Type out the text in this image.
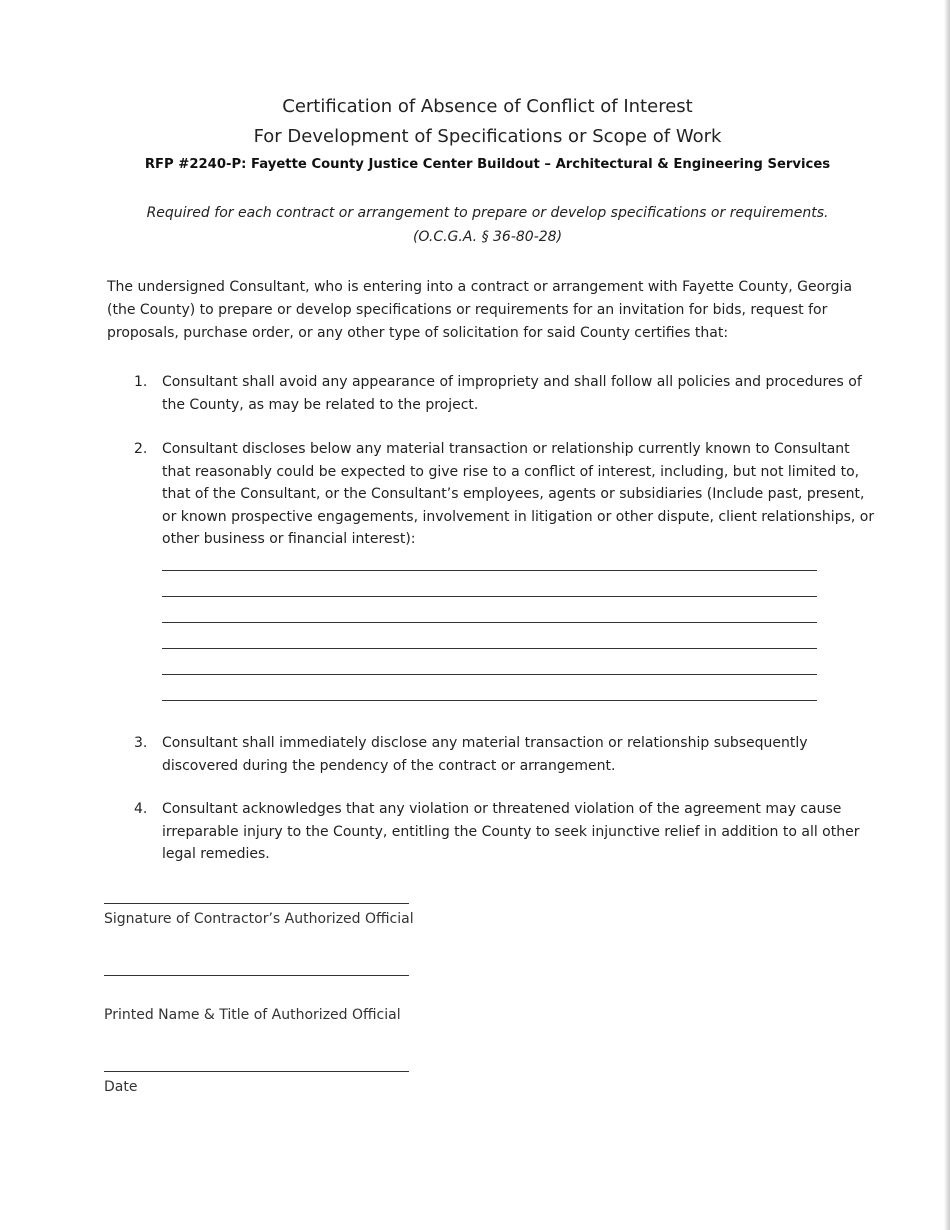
Certification of Absence of Conflict of Interest
For Development of Specifications or Scope of Work
RFP #2240-P: Fayette County Justice Center Buildout – Architectural & Engineering Services
Required for each contract or arrangement to prepare or develop specifications or requirements.
(O.C.G.A. § 36-80-28)

The undersigned Consultant, who is entering into a contract or arrangement with Fayette County, Georgia (the County) to prepare or develop specifications or requirements for an invitation for bids, request for proposals, purchase order, or any other type of solicitation for said County certifies that:

1.	Consultant shall avoid any appearance of impropriety and shall follow all policies and procedures of the County, as may be related to the project.
2.	Consultant discloses below any material transaction or relationship currently known to Consultant that reasonably could be expected to give rise to a conflict of interest, including, but not limited to, that of the Consultant, or the Consultant’s employees, agents or subsidiaries (Include past, present, or known prospective engagements, involvement in litigation or other dispute, client relationships, or other business or financial interest):
3.	Consultant shall immediately disclose any material transaction or relationship subsequently discovered during the pendency of the contract or arrangement.
4.	Consultant acknowledges that any violation or threatened violation of the agreement may cause irreparable injury to the County, entitling the County to seek injunctive relief in addition to all other legal remedies.
Signature of Contractor’s Authorized Official
Printed Name & Title of Authorized Official
Date
